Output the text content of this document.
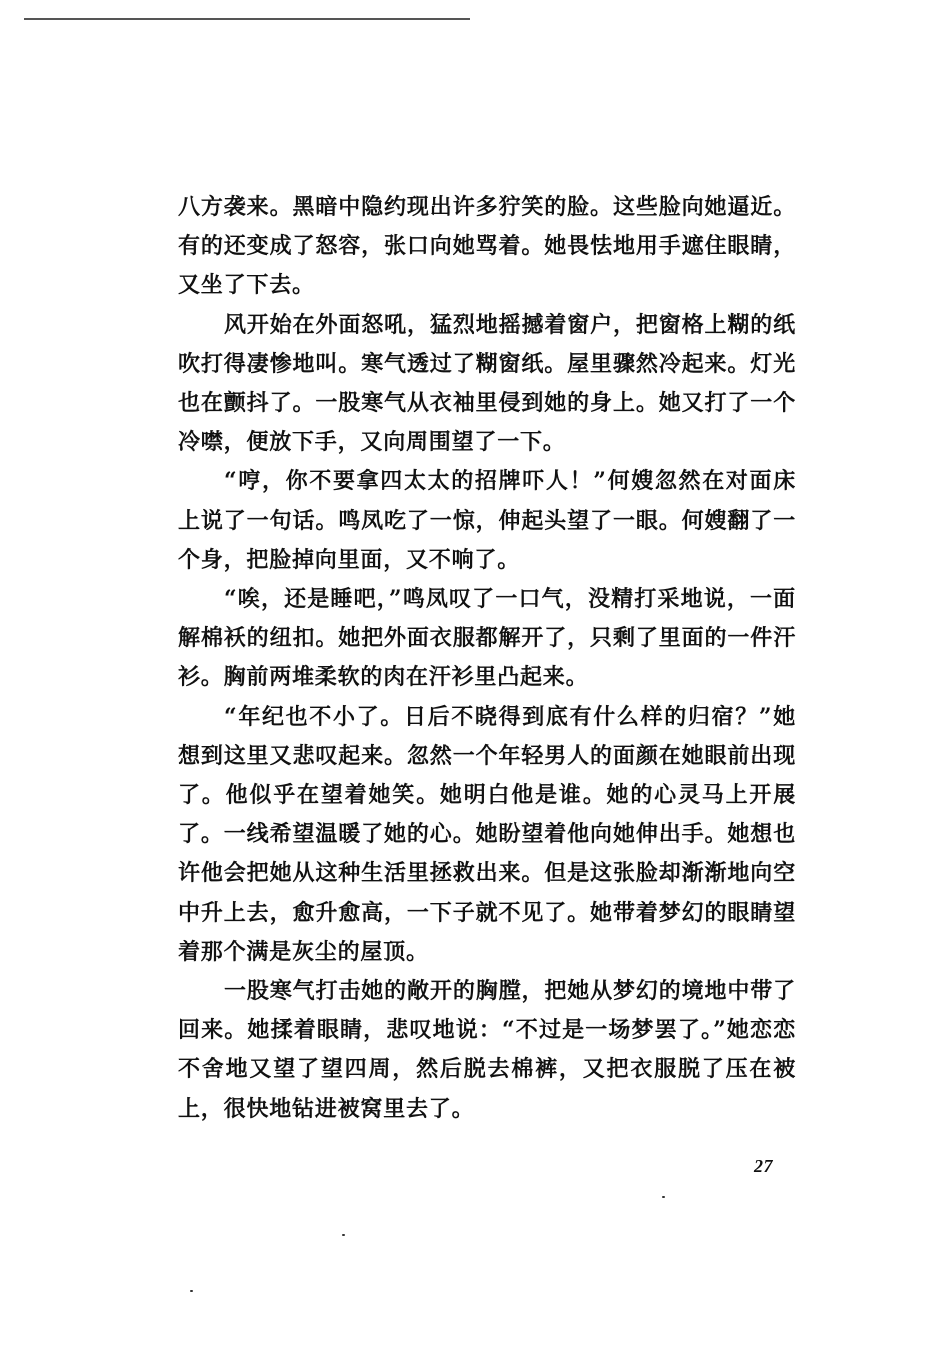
八方袭来。黑暗中隐约现出许多狞笑的脸。这些脸向她逼近。有的还变成了怒容，张口向她骂着。她畏怯地用手遮住眼睛，又坐了下去。

风开始在外面怒吼，猛烈地摇撼着窗户，把窗格上糊的纸吹打得凄惨地叫。寒气透过了糊窗纸。屋里骤然冷起来。灯光也在颤抖了。一股寒气从衣袖里侵到她的身上。她又打了一个冷噤，便放下手，又向周围望了一下。

“哼，你不要拿四太太的招牌吓人！”何嫂忽然在对面床上说了一句话。鸣凤吃了一惊，伸起头望了一眼。何嫂翻了一个身，把脸掉向里面，又不响了。

“唉，还是睡吧，”鸣凤叹了一口气，没精打采地说，一面解棉袄的纽扣。她把外面衣服都解开了，只剩了里面的一件汗衫。胸前两堆柔软的肉在汗衫里凸起来。

“年纪也不小了。日后不晓得到底有什么样的归宿？”她想到这里又悲叹起来。忽然一个年轻男人的面颜在她眼前出现了。他似乎在望着她笑。她明白他是谁。她的心灵马上开展了。一线希望温暖了她的心。她盼望着他向她伸出手。她想也许他会把她从这种生活里拯救出来。但是这张脸却渐渐地向空中升上去，愈升愈高，一下子就不见了。她带着梦幻的眼睛望着那个满是灰尘的屋顶。

一股寒气打击她的敞开的胸膛，把她从梦幻的境地中带了回来。她揉着眼睛，悲叹地说：“不过是一场梦罢了。”她恋恋不舍地又望了望四周，然后脱去棉裤，又把衣服脱了压在被上，很快地钻进被窝里去了。

27
